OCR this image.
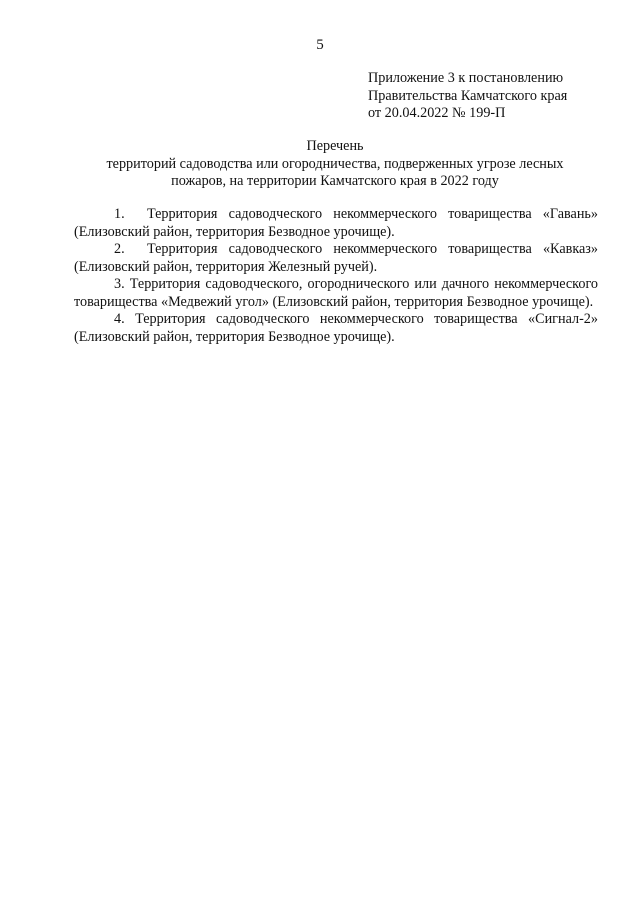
5
Приложение 3 к постановлению
Правительства Камчатского края
от 20.04.2022 № 199-П
Перечень
территорий садоводства или огородничества, подверженных угрозе лесных
пожаров, на территории Камчатского края в 2022 году
1. Территория садоводческого некоммерческого товарищества «Гавань» (Елизовский район, территория Безводное урочище).
2. Территория садоводческого некоммерческого товарищества «Кавказ» (Елизовский район, территория Железный ручей).
3. Территория садоводческого, огороднического или дачного некоммерческого товарищества «Медвежий угол» (Елизовский район, территория Безводное урочище).
4. Территория садоводческого некоммерческого товарищества «Сигнал-2» (Елизовский район, территория Безводное урочище).
